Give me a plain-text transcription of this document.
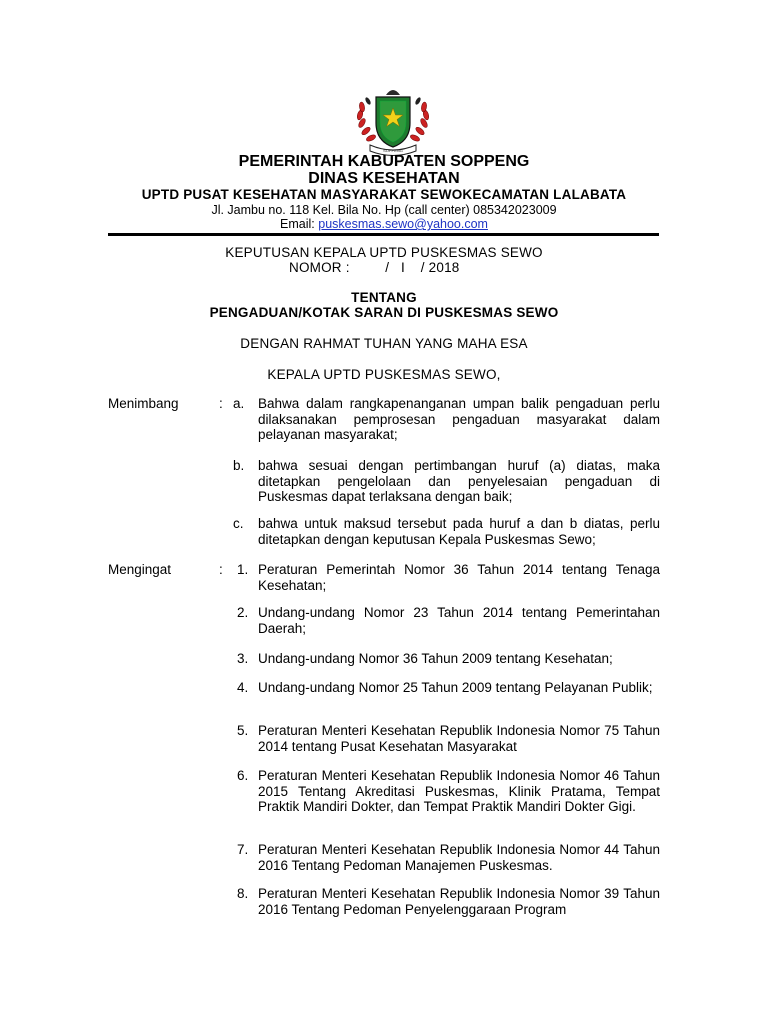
SOPPENG
PEMERINTAH KABUPATEN SOPPENG
DINAS KESEHATAN
UPTD PUSAT KESEHATAN MASYARAKAT SEWOKECAMATAN LALABATA
Jl. Jambu no. 118 Kel. Bila No. Hp (call center) 085342023009
Email: puskesmas.sewo@yahoo.com
KEPUTUSAN KEPALA UPTD PUSKESMAS SEWO
NOMOR :	/   I    / 2018
TENTANG
PENGADUAN/KOTAK SARAN DI PUSKESMAS SEWO
DENGAN RAHMAT TUHAN YANG MAHA ESA
KEPALA UPTD PUSKESMAS SEWO,
Menimbang	: a. Bahwa dalam rangkapenanganan umpan balik pengaduan perlu dilaksanakan pemprosesan pengaduan masyarakat dalam pelayanan masyarakat;
b. bahwa sesuai dengan pertimbangan huruf (a) diatas, maka ditetapkan pengelolaan dan penyelesaian pengaduan di Puskesmas dapat terlaksana dengan baik;
c. bahwa untuk maksud tersebut pada huruf a dan b diatas, perlu ditetapkan dengan keputusan Kepala Puskesmas Sewo;
Mengingat	: 1. Peraturan Pemerintah Nomor 36 Tahun 2014 tentang Tenaga Kesehatan;
2. Undang-undang Nomor 23 Tahun 2014 tentang Pemerintahan Daerah;
3. Undang-undang Nomor 36 Tahun 2009 tentang Kesehatan;
4. Undang-undang Nomor 25 Tahun 2009 tentang Pelayanan Publik;
5. Peraturan Menteri Kesehatan Republik Indonesia Nomor 75 Tahun 2014 tentang Pusat Kesehatan Masyarakat
6. Peraturan Menteri Kesehatan Republik Indonesia Nomor 46 Tahun 2015 Tentang Akreditasi Puskesmas, Klinik Pratama, Tempat Praktik Mandiri Dokter, dan Tempat Praktik Mandiri Dokter Gigi.
7. Peraturan Menteri Kesehatan Republik Indonesia Nomor 44 Tahun 2016 Tentang Pedoman Manajemen Puskesmas.
8. Peraturan Menteri Kesehatan Republik Indonesia Nomor 39 Tahun 2016 Tentang Pedoman Penyelenggaraan Program
